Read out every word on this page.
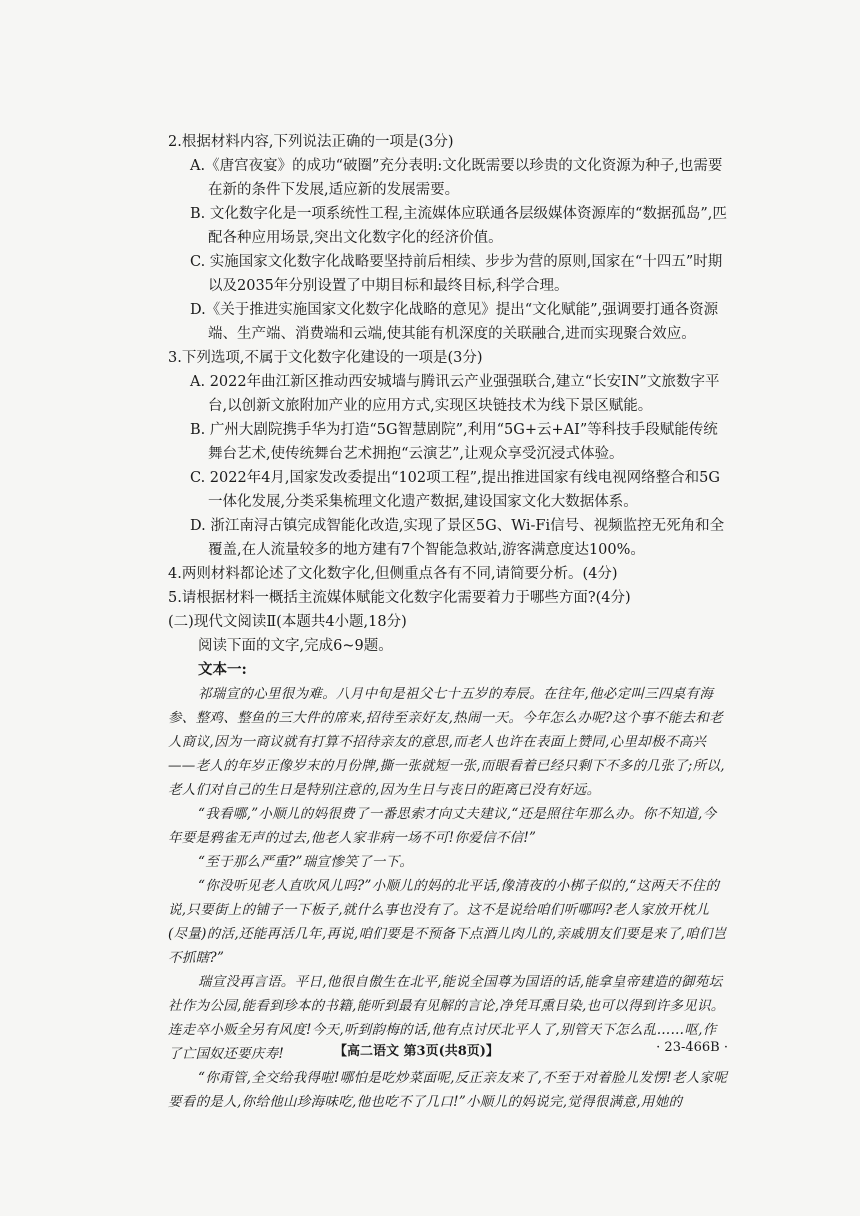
2.根据材料内容,下列说法正确的一项是(3分)

A.《唐宫夜宴》的成功“破圈”充分表明:文化既需要以珍贵的文化资源为种子,也需要在新的条件下发展,适应新的发展需要。

B. 文化数字化是一项系统性工程,主流媒体应联通各层级媒体资源库的“数据孤岛”,匹配各种应用场景,突出文化数字化的经济价值。

C. 实施国家文化数字化战略要坚持前后相续、步步为营的原则,国家在“十四五”时期以及2035年分别设置了中期目标和最终目标,科学合理。

D.《关于推进实施国家文化数字化战略的意见》提出“文化赋能”,强调要打通各资源端、生产端、消费端和云端,使其能有机深度的关联融合,进而实现聚合效应。

3.下列选项,不属于文化数字化建设的一项是(3分)

A. 2022年曲江新区推动西安城墙与腾讯云产业强强联合,建立“长安IN”文旅数字平台,以创新文旅附加产业的应用方式,实现区块链技术为线下景区赋能。

B. 广州大剧院携手华为打造“5G智慧剧院”,利用“5G+云+AI”等科技手段赋能传统舞台艺术,使传统舞台艺术拥抱“云演艺”,让观众享受沉浸式体验。

C. 2022年4月,国家发改委提出“102项工程”,提出推进国家有线电视网络整合和5G一体化发展,分类采集梳理文化遗产数据,建设国家文化大数据体系。

D. 浙江南浔古镇完成智能化改造,实现了景区5G、Wi-Fi信号、视频监控无死角和全覆盖,在人流量较多的地方建有7个智能急救站,游客满意度达100%。

4.两则材料都论述了文化数字化,但侧重点各有不同,请简要分析。(4分)

5.请根据材料一概括主流媒体赋能文化数字化需要着力于哪些方面?(4分)

(二)现代文阅读Ⅱ(本题共4小题,18分)

阅读下面的文字,完成6~9题。

文本一:

祁瑞宣的心里很为难。八月中旬是祖父七十五岁的寿辰。在往年,他必定叫三四桌有海参、整鸡、整鱼的三大件的席来,招待至亲好友,热闹一天。今年怎么办呢?这个事不能去和老人商议,因为一商议就有打算不招待亲友的意思,而老人也许在表面上赞同,心里却极不高兴——老人的年岁正像岁末的月份牌,撕一张就短一张,而眼看着已经只剩下不多的几张了;所以,老人们对自己的生日是特别注意的,因为生日与丧日的距离已没有好远。

“我看哪,”小顺儿的妈很费了一番思索才向丈夫建议,“还是照往年那么办。你不知道,今年要是鸦雀无声的过去,他老人家非病一场不可!你爱信不信!”

“至于那么严重?”瑞宣惨笑了一下。

“你没听见老人直吹风儿吗?”小顺儿的妈的北平话,像清夜的小梆子似的,“这两天不住的说,只要街上的铺子一下板子,就什么事也没有了。这不是说给咱们听哪吗?老人家放开枕儿(尽量)的活,还能再活几年,再说,咱们要是不预备下点酒儿肉儿的,亲戚朋友们要是来了,咱们岂不抓瞎?”

瑞宣没再言语。平日,他很自傲生在北平,能说全国尊为国语的话,能拿皇帝建造的御苑坛社作为公园,能看到珍本的书籍,能听到最有见解的言论,净凭耳熏目染,也可以得到许多见识。连走卒小贩全另有风度!今天,听到韵梅的话,他有点讨厌北平人了,别管天下怎么乱……呕,作了亡国奴还要庆寿!

“你甭管,全交给我得啦!哪怕是吃炒菜面呢,反正亲友来了,不至于对着脸儿发愣!老人家呢要看的是人,你给他山珍海味吃,他也吃不了几口!”小顺儿的妈说完,觉得很满意,用她的

【高二语文 第3页(共8页)】	· 23-466B ·
